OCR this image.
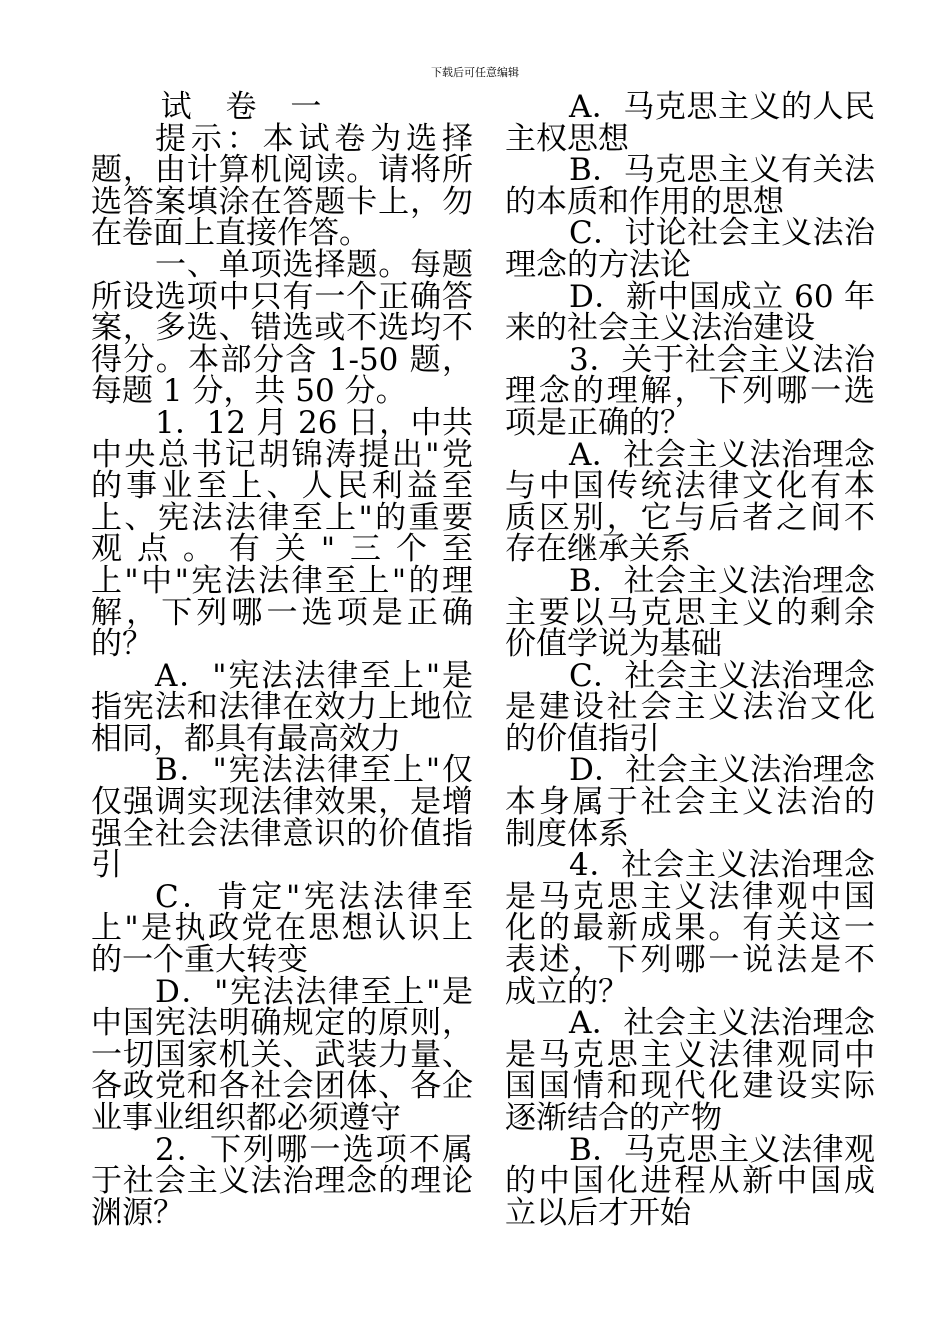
下载后可任意编辑

试 卷 一

提示：本试卷为选择题，由计算机阅读。请将所选答案填涂在答题卡上，勿在卷面上直接作答。

一、单项选择题。每题所设选项中只有一个正确答案，多选、错选或不选均不得分。本部分含 1-50 题，每题 1 分，共 50 分。

1．12 月 26 日，中共中央总书记胡锦涛提出"党的事业至上、人民利益至上、宪法法律至上"的重要观点。有关"三个至上"中"宪法法律至上"的理解，下列哪一选项是正确的？

A．"宪法法律至上"是指宪法和法律在效力上地位相同，都具有最高效力

B．"宪法法律至上"仅仅强调实现法律效果，是增强全社会法律意识的价值指引

C．肯定"宪法法律至上"是执政党在思想认识上的一个重大转变

D．"宪法法律至上"是中国宪法明确规定的原则，一切国家机关、武装力量、各政党和各社会团体、各企业事业组织都必须遵守

2．下列哪一选项不属于社会主义法治理念的理论渊源？

A．马克思主义的人民主权思想

B．马克思主义有关法的本质和作用的思想

C．讨论社会主义法治理念的方法论

D．新中国成立 60 年来的社会主义法治建设

3．关于社会主义法治理念的理解，下列哪一选项是正确的？

A．社会主义法治理念与中国传统法律文化有本质区别，它与后者之间不存在继承关系

B．社会主义法治理念主要以马克思主义的剩余价值学说为基础

C．社会主义法治理念是建设社会主义法治文化的价值指引

D．社会主义法治理念本身属于社会主义法治的制度体系

4．社会主义法治理念是马克思主义法律观中国化的最新成果。有关这一表述，下列哪一说法是不成立的？

A．社会主义法治理念是马克思主义法律观同中国国情和现代化建设实际逐渐结合的产物

B．马克思主义法律观的中国化进程从新中国成立以后才开始
